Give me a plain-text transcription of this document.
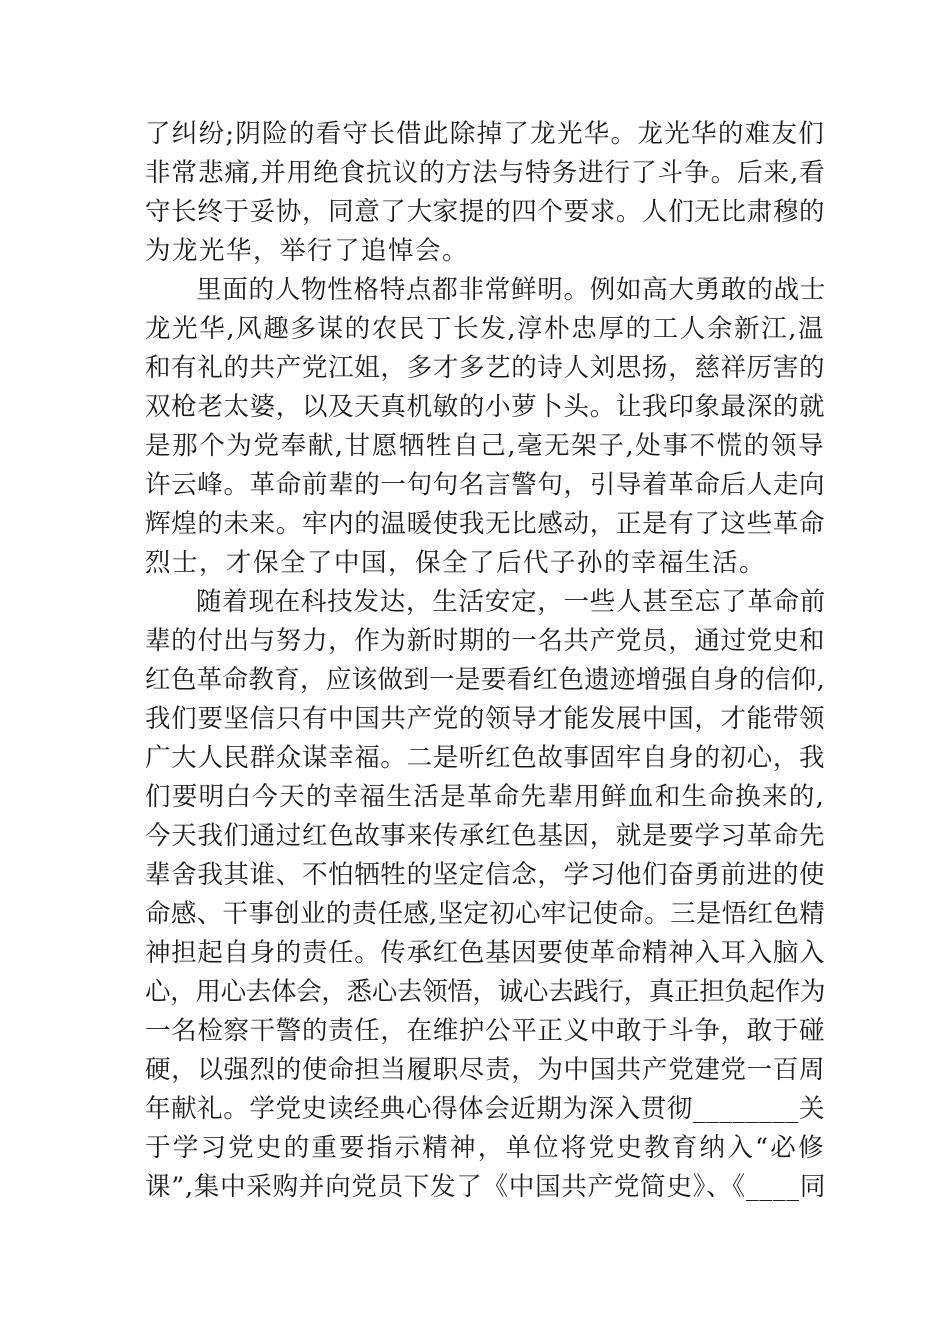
了纠纷;阴险的看守长借此除掉了龙光华。龙光华的难友们
非常悲痛,并用绝食抗议的方法与特务进行了斗争。后来,看
守长终于妥协，同意了大家提的四个要求。人们无比肃穆的
为龙光华，举行了追悼会。
里面的人物性格特点都非常鲜明。例如高大勇敢的战士
龙光华,风趣多谋的农民丁长发,淳朴忠厚的工人余新江,温
和有礼的共产党江姐，多才多艺的诗人刘思扬，慈祥厉害的
双枪老太婆，以及天真机敏的小萝卜头。让我印象最深的就
是那个为党奉献,甘愿牺牲自己,毫无架子,处事不慌的领导
许云峰。革命前辈的一句句名言警句，引导着革命后人走向
辉煌的未来。牢内的温暖使我无比感动，正是有了这些革命
烈士，才保全了中国，保全了后代子孙的幸福生活。
随着现在科技发达，生活安定，一些人甚至忘了革命前
辈的付出与努力，作为新时期的一名共产党员，通过党史和
红色革命教育，应该做到一是要看红色遗迹增强自身的信仰,
我们要坚信只有中国共产党的领导才能发展中国，才能带领
广大人民群众谋幸福。二是听红色故事固牢自身的初心，我
们要明白今天的幸福生活是革命先辈用鲜血和生命换来的,
今天我们通过红色故事来传承红色基因，就是要学习革命先
辈舍我其谁、不怕牺牲的坚定信念，学习他们奋勇前进的使
命感、干事创业的责任感,坚定初心牢记使命。三是悟红色精
神担起自身的责任。传承红色基因要使革命精神入耳入脑入
心，用心去体会，悉心去领悟，诚心去践行，真正担负起作为
一名检察干警的责任，在维护公平正义中敢于斗争，敢于碰
硬，以强烈的使命担当履职尽责，为中国共产党建党一百周
年献礼。学党史读经典心得体会近期为深入贯彻________关
于学习党史的重要指示精神，单位将党史教育纳入“必修
课”,集中采购并向党员下发了《中国共产党简史》、《____同
